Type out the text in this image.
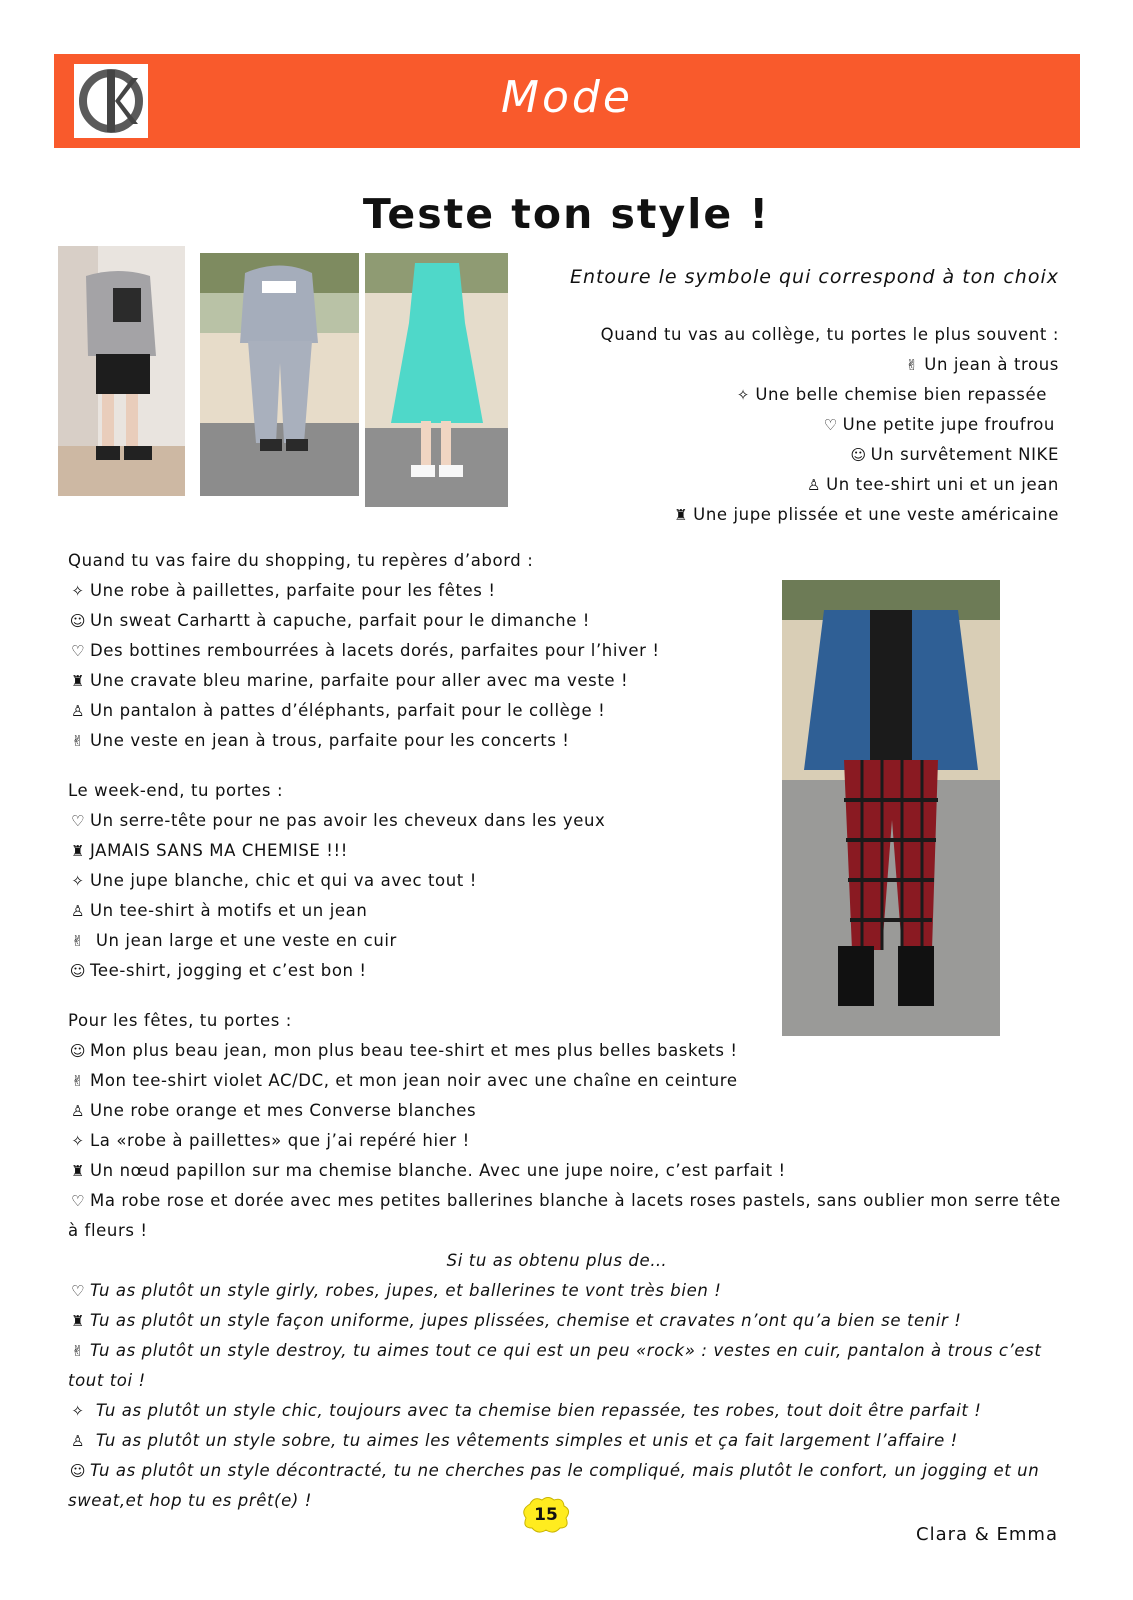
Mode
Teste ton style !
Entoure le symbole qui correspond à ton choix
Quand tu vas au collège, tu portes le plus souvent :
✌ Un jean à trous
✧ Une belle chemise bien repassée
♡ Une petite jupe froufrou
☺ Un survêtement NIKE
♙ Un tee-shirt uni et un jean
♜ Une jupe plissée et une veste américaine
Quand tu vas faire du shopping, tu repères d’abord :
✧ Une robe à paillettes, parfaite pour les fêtes !
☺ Un sweat Carhartt à capuche, parfait pour le dimanche !
♡ Des bottines rembourrées à lacets dorés, parfaites pour l’hiver !
♜ Une cravate bleu marine, parfaite pour aller avec ma veste !
♙ Un pantalon à pattes d’éléphants, parfait pour le collège !
✌ Une veste en jean à trous, parfaite pour les concerts !
Le week-end, tu portes :
♡ Un serre-tête pour ne pas avoir les cheveux dans les yeux
♜ JAMAIS SANS MA CHEMISE !!!
✧ Une jupe blanche, chic et qui va avec tout !
♙ Un tee-shirt à motifs et un jean
✌ Un jean large et une veste en cuir
☺ Tee-shirt, jogging et c’est bon !
Pour les fêtes, tu portes :
☺ Mon plus beau jean, mon plus beau tee-shirt et mes plus belles baskets !
✌ Mon tee-shirt violet AC/DC, et mon jean noir avec une chaîne en ceinture
♙ Une robe orange et mes Converse blanches
✧ La «robe à paillettes» que j’ai repéré hier !
♜ Un nœud papillon sur ma chemise blanche. Avec une jupe noire, c’est parfait !
♡ Ma robe rose et dorée avec mes petites ballerines blanche à lacets roses pastels, sans oublier mon serre tête à fleurs !
Si tu as obtenu plus de…
♡ Tu as plutôt un style girly, robes, jupes, et ballerines te vont très bien !
♜ Tu as plutôt un style façon uniforme, jupes plissées, chemise et cravates n’ont qu’a bien se tenir !
✌ Tu as plutôt un style destroy, tu aimes tout ce qui est un peu «rock» : vestes en cuir, pantalon à trous c’est tout toi !
✧ Tu as plutôt un style chic, toujours avec ta chemise bien repassée, tes robes, tout doit être parfait !
♙ Tu as plutôt un style sobre, tu aimes les vêtements simples et unis et ça fait largement l’affaire !
☺ Tu as plutôt un style décontracté, tu ne cherches pas le compliqué, mais plutôt le confort, un jogging et un sweat,et hop tu es prêt(e) !
15
Clara & Emma
